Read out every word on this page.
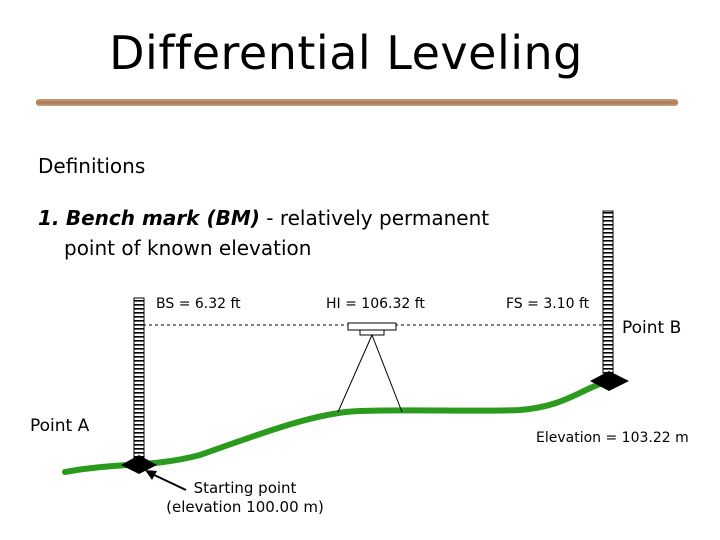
Differential Leveling
Definitions
1. Bench mark (BM) - relatively permanent
point of known elevation
BS = 6.32 ft	HI = 106.32 ft	FS = 3.10 ft
Point B
Point A
Elevation = 103.22 m
Starting point
(elevation 100.00 m)
